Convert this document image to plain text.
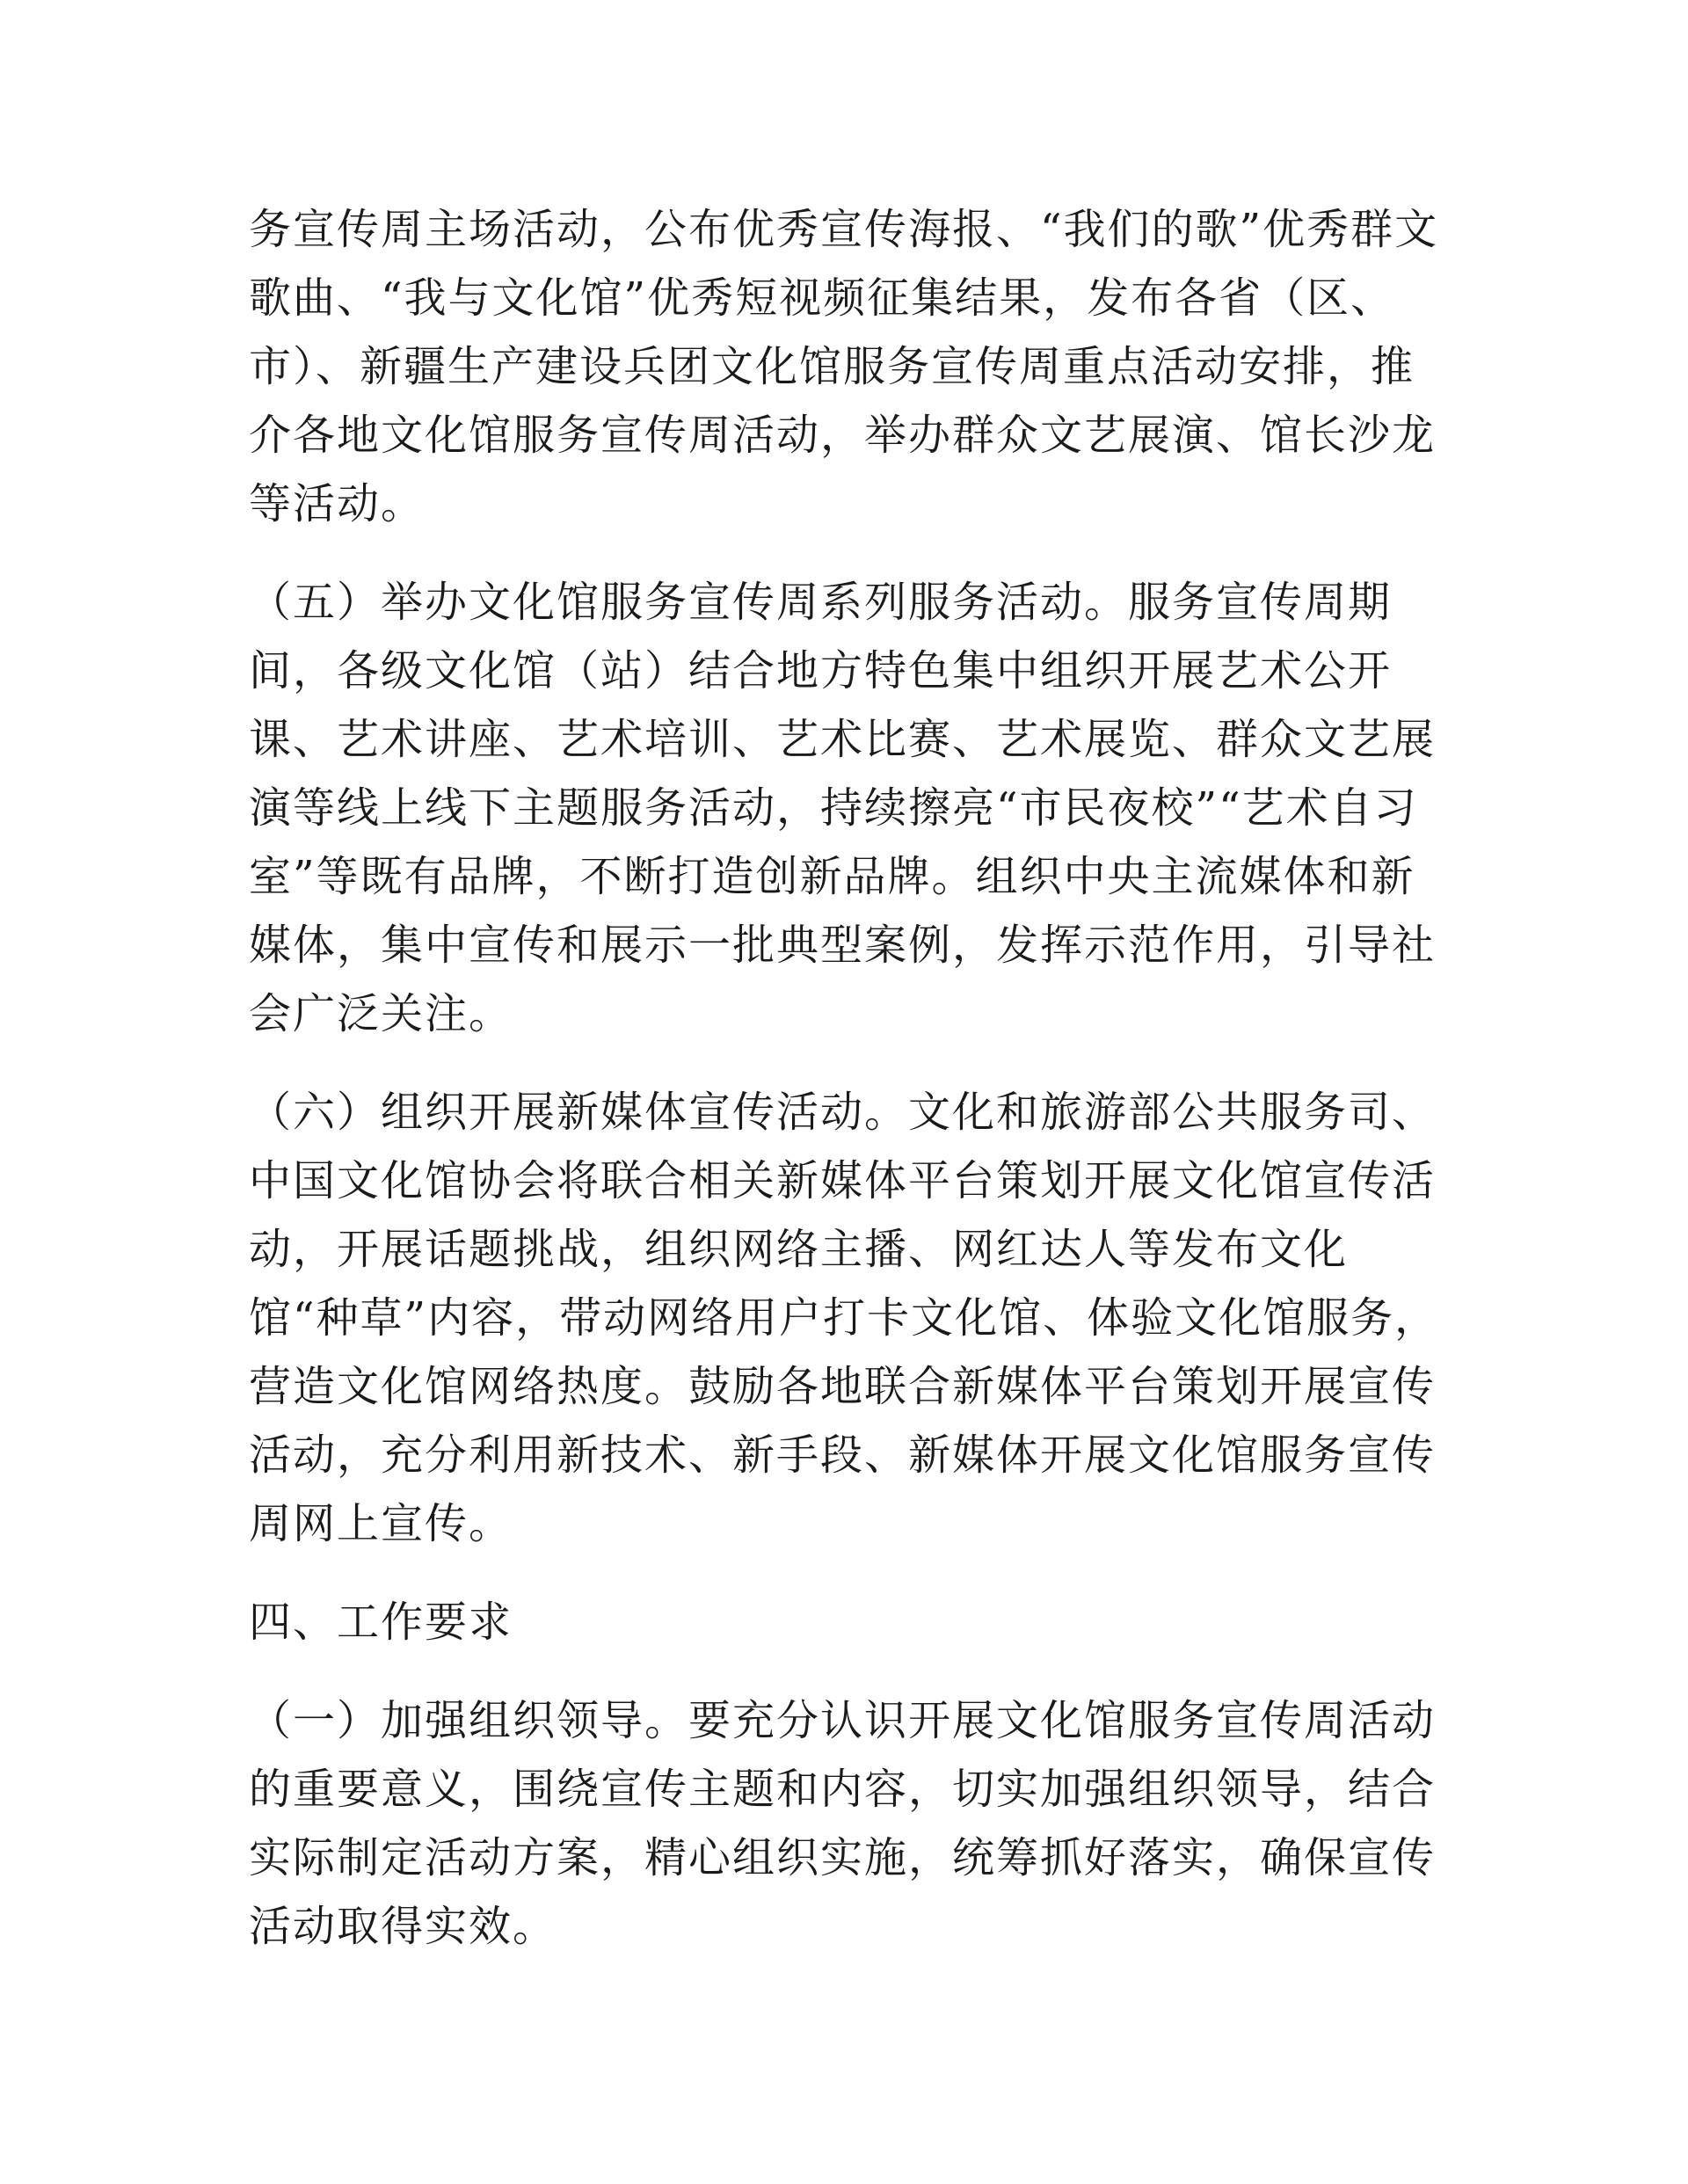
务宣传周主场活动，公布优秀宣传海报、“我们的歌”优秀群文
歌曲、“我与文化馆”优秀短视频征集结果，发布各省（区、
市）、新疆生产建设兵团文化馆服务宣传周重点活动安排，推
介各地文化馆服务宣传周活动，举办群众文艺展演、馆长沙龙
等活动。

（五）举办文化馆服务宣传周系列服务活动。服务宣传周期
间，各级文化馆（站）结合地方特色集中组织开展艺术公开
课、艺术讲座、艺术培训、艺术比赛、艺术展览、群众文艺展
演等线上线下主题服务活动，持续擦亮“市民夜校”“艺术自习
室”等既有品牌，不断打造创新品牌。组织中央主流媒体和新
媒体，集中宣传和展示一批典型案例，发挥示范作用，引导社
会广泛关注。

（六）组织开展新媒体宣传活动。文化和旅游部公共服务司、
中国文化馆协会将联合相关新媒体平台策划开展文化馆宣传活
动，开展话题挑战，组织网络主播、网红达人等发布文化
馆“种草”内容，带动网络用户打卡文化馆、体验文化馆服务，
营造文化馆网络热度。鼓励各地联合新媒体平台策划开展宣传
活动，充分利用新技术、新手段、新媒体开展文化馆服务宣传
周网上宣传。

四、工作要求

（一）加强组织领导。要充分认识开展文化馆服务宣传周活动
的重要意义，围绕宣传主题和内容，切实加强组织领导，结合
实际制定活动方案，精心组织实施，统筹抓好落实，确保宣传
活动取得实效。
